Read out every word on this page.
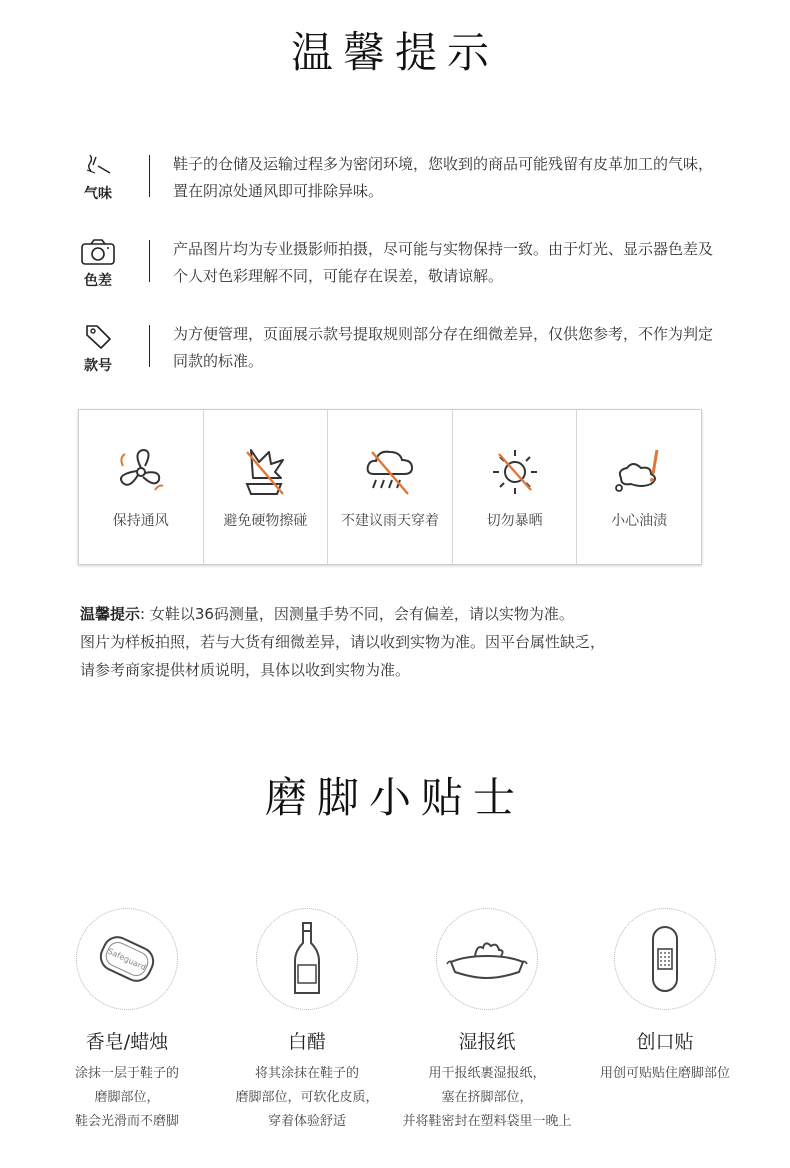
温馨提示
气味
鞋子的仓储及运输过程多为密闭环境，您收到的商品可能残留有皮革加工的气味，置在阴凉处通风即可排除异味。
色差
产品图片均为专业摄影师拍摄，尽可能与实物保持一致。由于灯光、显示器色差及个人对色彩理解不同，可能存在误差，敬请谅解。
款号
为方便管理，页面展示款号提取规则部分存在细微差异，仅供您参考，不作为判定同款的标准。
保持通风	避免硬物擦碰	不建议雨天穿着	切勿暴晒	小心油渍
温馨提示: 女鞋以36码测量，因测量手势不同，会有偏差，请以实物为准。
图片为样板拍照，若与大货有细微差异，请以收到实物为准。因平台属性缺乏，
请参考商家提供材质说明，具体以收到实物为准。
磨脚小贴士
Safeguard
香皂/蜡烛
涂抹一层于鞋子的
磨脚部位，
鞋会光滑而不磨脚
白醋
将其涂抹在鞋子的
磨脚部位，可软化皮质，
穿着体验舒适
湿报纸
用干报纸裹湿报纸，
塞在挤脚部位，
并将鞋密封在塑料袋里一晚上
创口贴
用创可贴贴住磨脚部位
